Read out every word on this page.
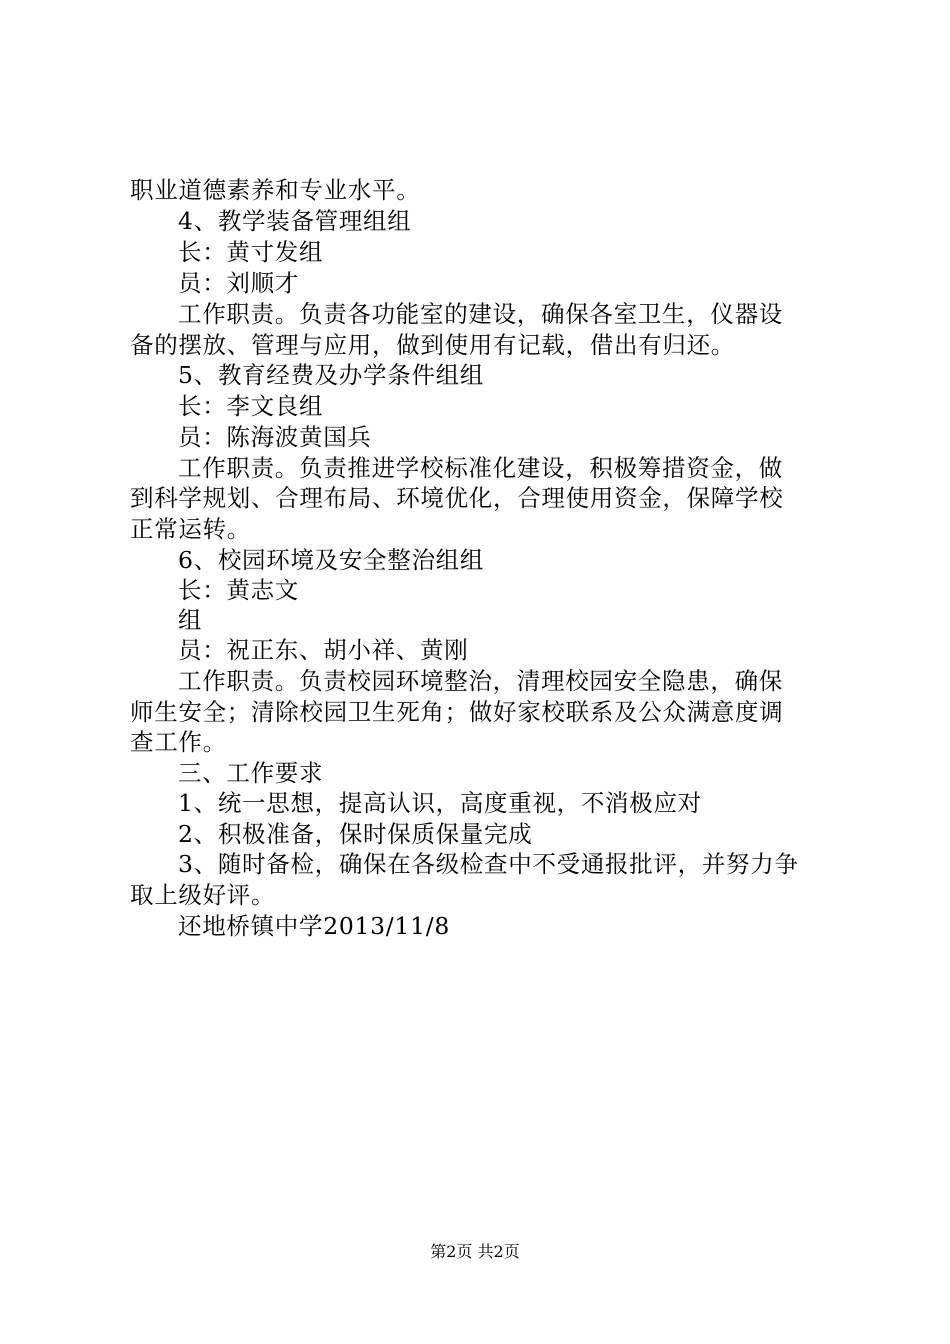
职业道德素养和专业水平。
4、教学装备管理组组
长：黄寸发组
员：刘顺才
工作职责。负责各功能室的建设，确保各室卫生，仪器设
备的摆放、管理与应用，做到使用有记载，借出有归还。
5、教育经费及办学条件组组
长：李文良组
员：陈海波黄国兵
工作职责。负责推进学校标准化建设，积极筹措资金，做
到科学规划、合理布局、环境优化，合理使用资金，保障学校
正常运转。
6、校园环境及安全整治组组
长：黄志文
组
员：祝正东、胡小祥、黄刚
工作职责。负责校园环境整治，清理校园安全隐患，确保
师生安全；清除校园卫生死角；做好家校联系及公众满意度调
查工作。
三、工作要求
1、统一思想，提高认识，高度重视，不消极应对
2、积极准备，保时保质保量完成
3、随时备检，确保在各级检查中不受通报批评，并努力争
取上级好评。
还地桥镇中学2013/11/8
第2页 共2页
